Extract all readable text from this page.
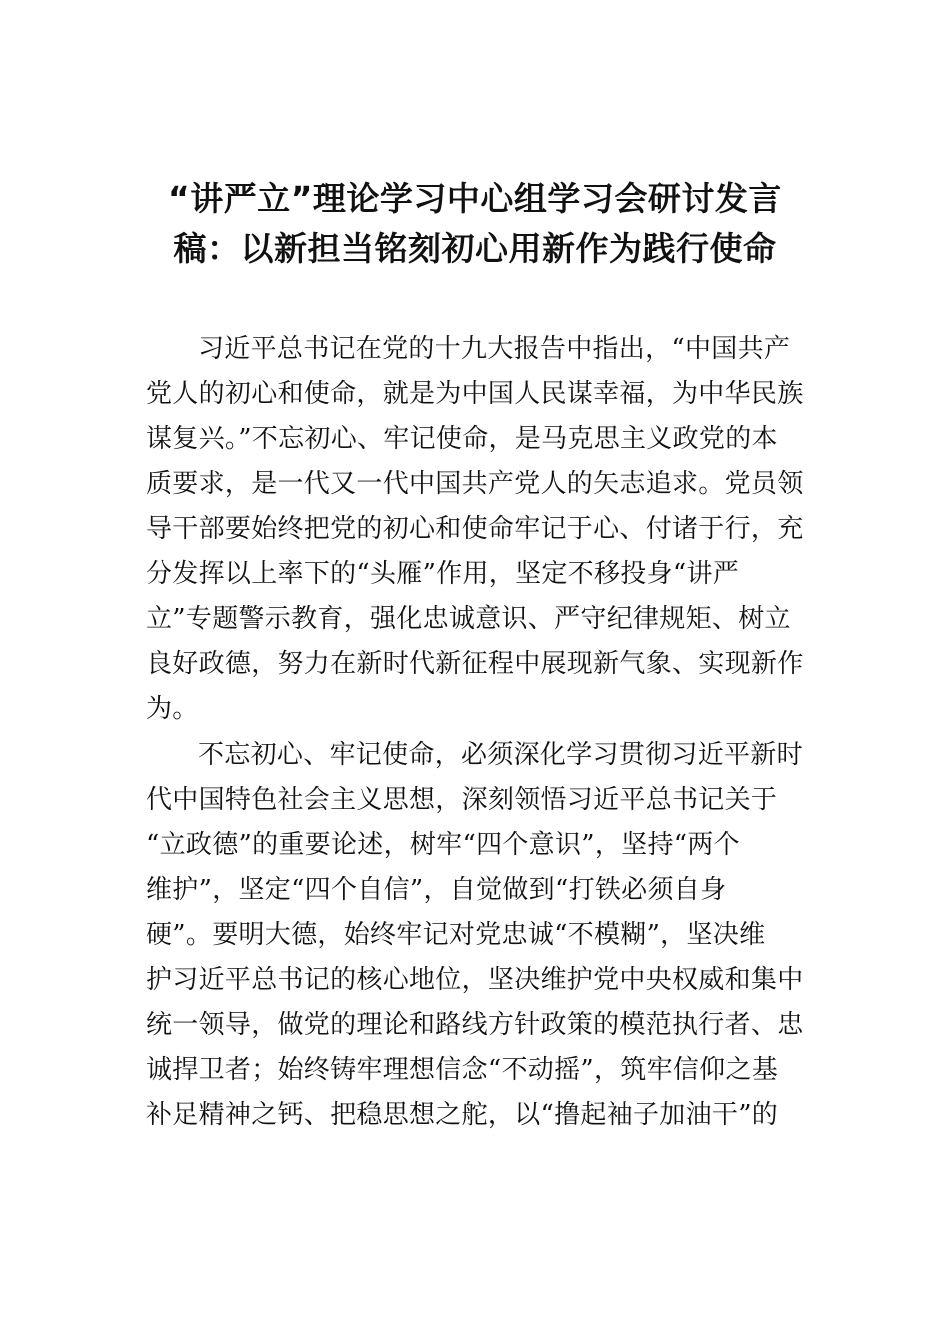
“讲严立”理论学习中心组学习会研讨发言
稿：以新担当铭刻初心用新作为践行使命
习近平总书记在党的十九大报告中指出，“中国共产
党人的初心和使命，就是为中国人民谋幸福，为中华民族
谋复兴。”不忘初心、牢记使命，是马克思主义政党的本
质要求，是一代又一代中国共产党人的矢志追求。党员领
导干部要始终把党的初心和使命牢记于心、付诸于行，充
分发挥以上率下的“头雁”作用，坚定不移投身“讲严
立”专题警示教育，强化忠诚意识、严守纪律规矩、树立
良好政德，努力在新时代新征程中展现新气象、实现新作
为。
不忘初心、牢记使命，必须深化学习贯彻习近平新时
代中国特色社会主义思想，深刻领悟习近平总书记关于
“立政德”的重要论述，树牢“四个意识”，坚持“两个
维护”，坚定“四个自信”，自觉做到“打铁必须自身
硬”。要明大德，始终牢记对党忠诚“不模糊”，坚决维
护习近平总书记的核心地位，坚决维护党中央权威和集中
统一领导，做党的理论和路线方针政策的模范执行者、忠
诚捍卫者；始终铸牢理想信念“不动摇”，筑牢信仰之基
补足精神之钙、把稳思想之舵，以“撸起袖子加油干”的
